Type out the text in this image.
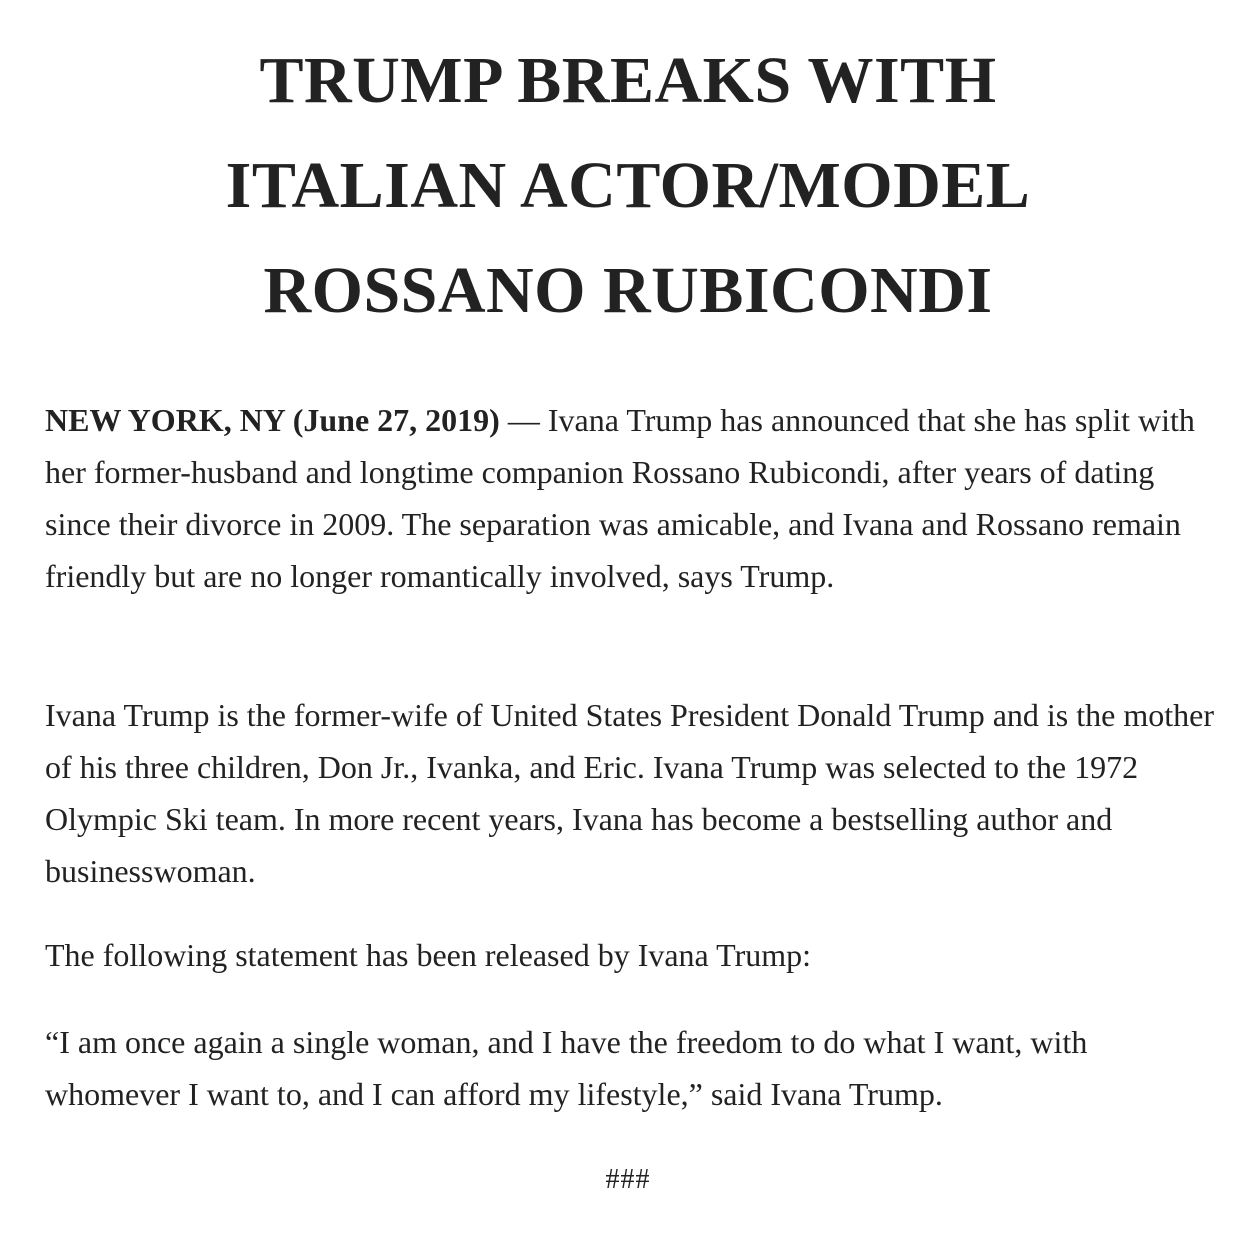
TRUMP BREAKS WITH
ITALIAN ACTOR/MODEL
ROSSANO RUBICONDI

NEW YORK, NY (June 27, 2019) — Ivana Trump has announced that she has split with her former-husband and longtime companion Rossano Rubicondi, after years of dating since their divorce in 2009. The separation was amicable, and Ivana and Rossano remain friendly but are no longer romantically involved, says Trump.

Ivana Trump is the former-wife of United States President Donald Trump and is the mother of his three children, Don Jr., Ivanka, and Eric. Ivana Trump was selected to the 1972 Olympic Ski team. In more recent years, Ivana has become a bestselling author and businesswoman.

The following statement has been released by Ivana Trump:

“I am once again a single woman, and I have the freedom to do what I want, with whomever I want to, and I can afford my lifestyle,” said Ivana Trump.

###
